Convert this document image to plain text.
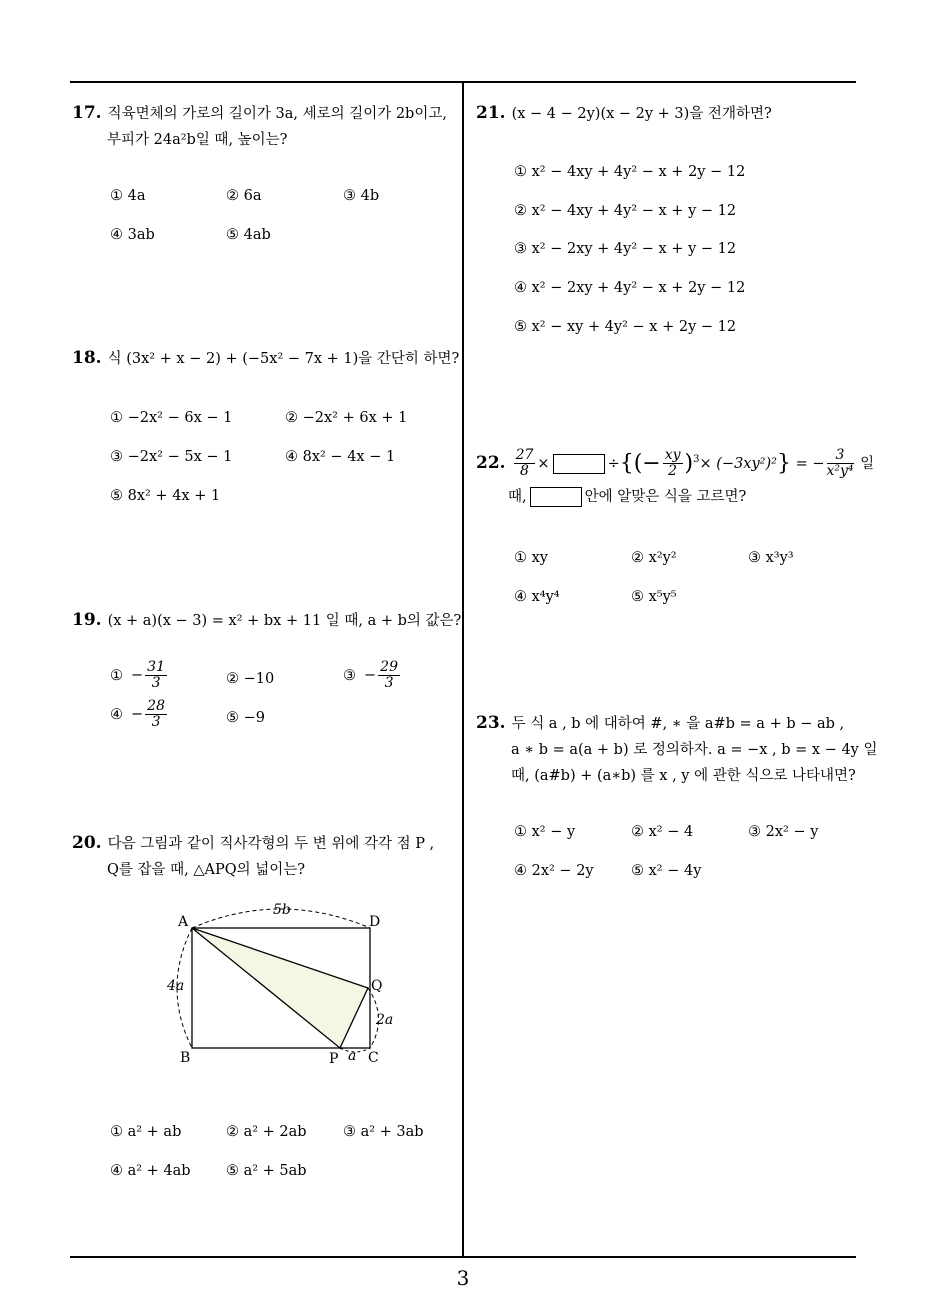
17. 직육면체의 가로의 길이가 3a, 세로의 길이가 2b이고,
부피가 24a²b일 때, 높이는?
① 4a	② 6a	③ 4b
④ 3ab	⑤ 4ab
18. 식 (3x² + x − 2) + (−5x² − 7x + 1)을 간단히 하면?
① −2x² − 6x − 1	② −2x² + 6x + 1
③ −2x² − 5x − 1	④ 8x² − 4x − 1
⑤ 8x² + 4x + 1
19. (x + a)(x − 3) = x² + bx + 11 일 때, a + b의 값은?
① − $\frac{31}{3}$	② −10	③ − $\frac{29}{3}$
④ − $\frac{28}{3}$	⑤ −9
20. 다음 그림과 같이 직사각형의 두 변 위에 각각 점 P ,
Q를 잡을 때, △APQ의 넓이는?
A	D
B	C
P
Q
5b
4a
2a
a
① a² + ab	② a² + 2ab	③ a² + 3ab
④ a² + 4ab ⑤ a² + 5ab
21. (x − 4 − 2y)(x − 2y + 3)을 전개하면?
① x² − 4xy + 4y² − x + 2y − 12
② x² − 4xy + 4y² − x + y − 12
③ x² − 2xy + 4y² − x + y − 12
④ x² − 2xy + 4y² − x + 2y − 12
⑤ x² − xy + 4y² − x + 2y − 12
22. $\frac{27}{8}$ ×	÷{(− $\frac{xy}{2} )^3\times (-3xy^2)^2$} = − $\frac{3}{\text{x²y⁴}}$ 일
때,	안에 알맞은 식을 고르면?
① xy	② x²y²	③ x³y³
④ x⁴y⁴	⑤ x⁵y⁵
23. 두 식 a , b 에 대하여 #, ∗ 을 a#b = a + b − ab ,
a ∗ b = a(a + b) 로 정의하자. a = −x , b = x − 4y 일
때, (a#b) + (a∗b) 를 x , y 에 관한 식으로 나타내면?
① x² − y	② x² − 4	③ 2x² − y
④ 2x² − 2y	⑤ x² − 4y
3
